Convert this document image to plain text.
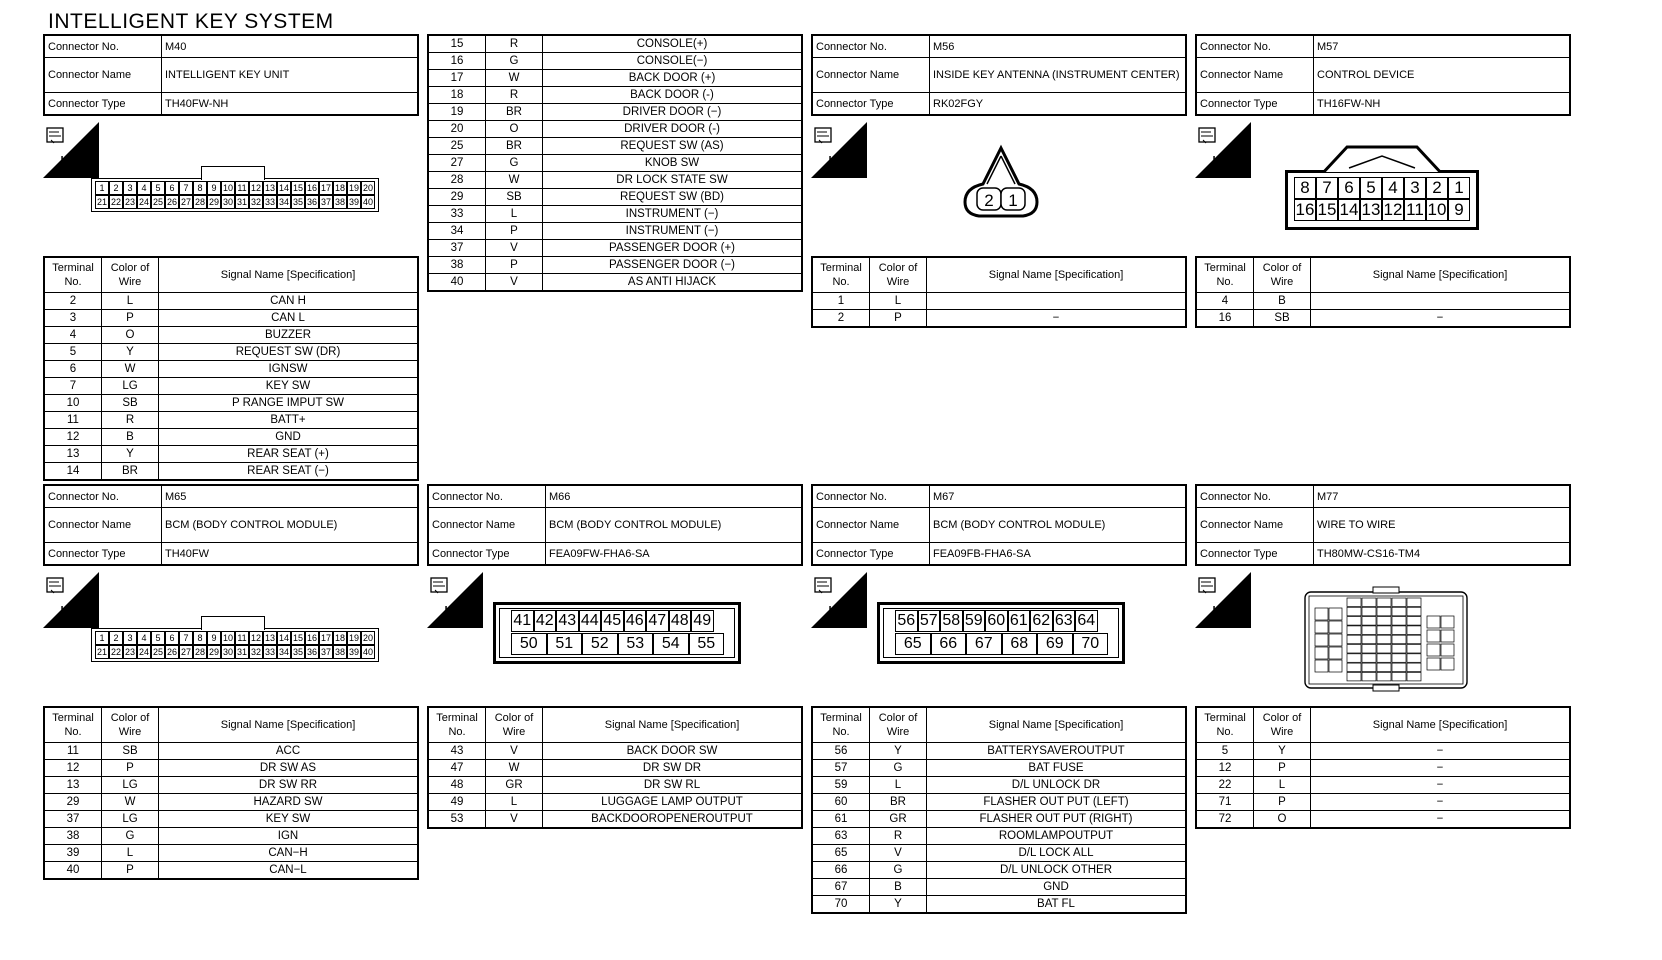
INTELLIGENT KEY SYSTEM
Connector No.	M40
Connector Name	INTELLIGENT KEY UNIT
Connector Type	TH40FW-NH
H.S.
1 2 3 4 5 6 7 8 9 10 11 12 13 14 15 16 17 18 19 20
21 22 23 24 25 26 27 28 29 30 31 32 33 34 35 36 37 38 39 40
Terminal No.	Color of Wire	Signal Name [Specification]
2	L	CAN H
3	P	CAN L
4	O	BUZZER
5	Y	REQUEST SW (DR)
6	W	IGNSW
7	LG	KEY SW
10	SB	P RANGE IMPUT SW
11	R	BATT+
12	B	GND
13	Y	REAR SEAT (+)
14	BR	REAR SEAT (−)
15	R	CONSOLE(+)
16	G	CONSOLE(−)
17	W	BACK DOOR (+)
18	R	BACK DOOR (-)
19	BR	DRIVER DOOR (−)
20	O	DRIVER DOOR (-)
25	BR	REQUEST SW (AS)
27	G	KNOB SW
28	W	DR LOCK STATE SW
29	SB	REQUEST SW (BD)
33	L	INSTRUMENT (−)
34	P	INSTRUMENT (−)
37	V	PASSENGER DOOR (+)
38	P	PASSENGER DOOR (−)
40	V	AS ANTI HIJACK
Connector No.	M56
Connector Name	INSIDE KEY ANTENNA (INSTRUMENT CENTER)
Connector Type	RK02FGY
H.S.
2 1
Terminal No.	Color of Wire	Signal Name [Specification]
1	L	
2	P	−
Connector No.	M57
Connector Name	CONTROL DEVICE
Connector Type	TH16FW-NH
H.S.
8 7 6 5 4 3 2 1
16 15 14 13 12 11 10 9
Terminal No.	Color of Wire	Signal Name [Specification]
4	B	
16	SB	−
Connector No.	M65
Connector Name	BCM (BODY CONTROL MODULE)
Connector Type	TH40FW
H.S.
1 2 3 4 5 6 7 8 9 10 11 12 13 14 15 16 17 18 19 20
21 22 23 24 25 26 27 28 29 30 31 32 33 34 35 36 37 38 39 40
Terminal No.	Color of Wire	Signal Name [Specification]
11	SB	ACC
12	P	DR SW AS
13	LG	DR SW RR
29	W	HAZARD SW
37	LG	KEY SW
38	G	IGN
39	L	CAN−H
40	P	CAN−L
Connector No.	M66
Connector Name	BCM (BODY CONTROL MODULE)
Connector Type	FEA09FW-FHA6-SA
H.S. 41 42 43 44 45 46 47 48 49
50	51	52	53	54	55
Terminal No.	Color of Wire	Signal Name [Specification]
43	V	BACK DOOR SW
47	W	DR SW DR
48	GR	DR SW RL
49	L	LUGGAGE LAMP OUTPUT
53	V	BACKDOOROPENEROUTPUT
Connector No.	M67
Connector Name	BCM (BODY CONTROL MODULE)
Connector Type	FEA09FB-FHA6-SA
H.S. 56 57 58 59 60 61 62 63 64
65	66	67	68	69	70
Terminal No.	Color of Wire	Signal Name [Specification]
56	Y	BATTERYSAVEROUTPUT
57	G	BAT FUSE
59	L	D/L UNLOCK DR
60	BR	FLASHER OUT PUT (LEFT)
61	GR	FLASHER OUT PUT (RIGHT)
63	R	ROOMLAMPOUTPUT
65	V	D/L LOCK ALL
66	G	D/L UNLOCK OTHER
67	B	GND
70	Y	BAT FL
Connector No.	M77
Connector Name	WIRE TO WIRE
Connector Type	TH80MW-CS16-TM4
H.S.
Terminal No.	Color of Wire	Signal Name [Specification]
5	Y	−
12	P	−
22	L	−
71	P	−
72	O	−
